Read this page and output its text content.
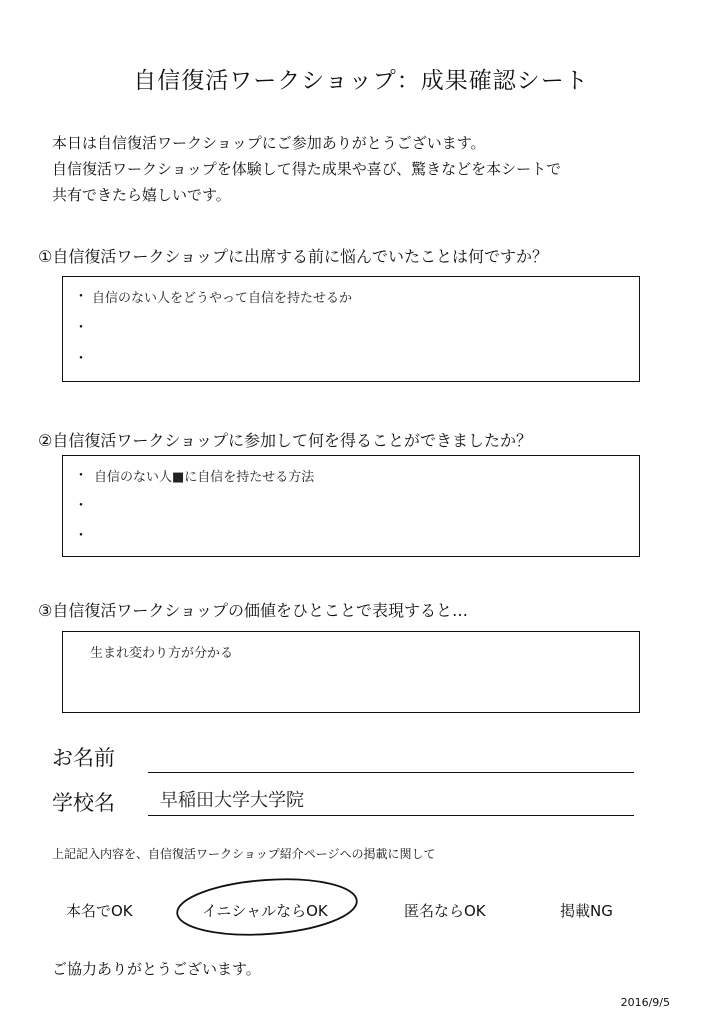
自信復活ワークショップ：成果確認シート
本日は自信復活ワークショップにご参加ありがとうございます。
自信復活ワークショップを体験して得た成果や喜び、驚きなどを本シートで
共有できたら嬉しいです。
①自信復活ワークショップに出席する前に悩んでいたことは何ですか？
・ 自信のない人をどうやって自信を持たせるか
・
・
②自信復活ワークショップに参加して何を得ることができましたか？
・ 自信のない人■に自信を持たせる方法
・
・
③自信復活ワークショップの価値をひとことで表現すると…
生まれ変わり方が分かる
お名前
学校名	早稲田大学大学院
上記記入内容を、自信復活ワークショップ紹介ページへの掲載に関して
本名でOK	イニシャルならOK	匿名ならOK	掲載NG
ご協力ありがとうございます。
2016/9/5
